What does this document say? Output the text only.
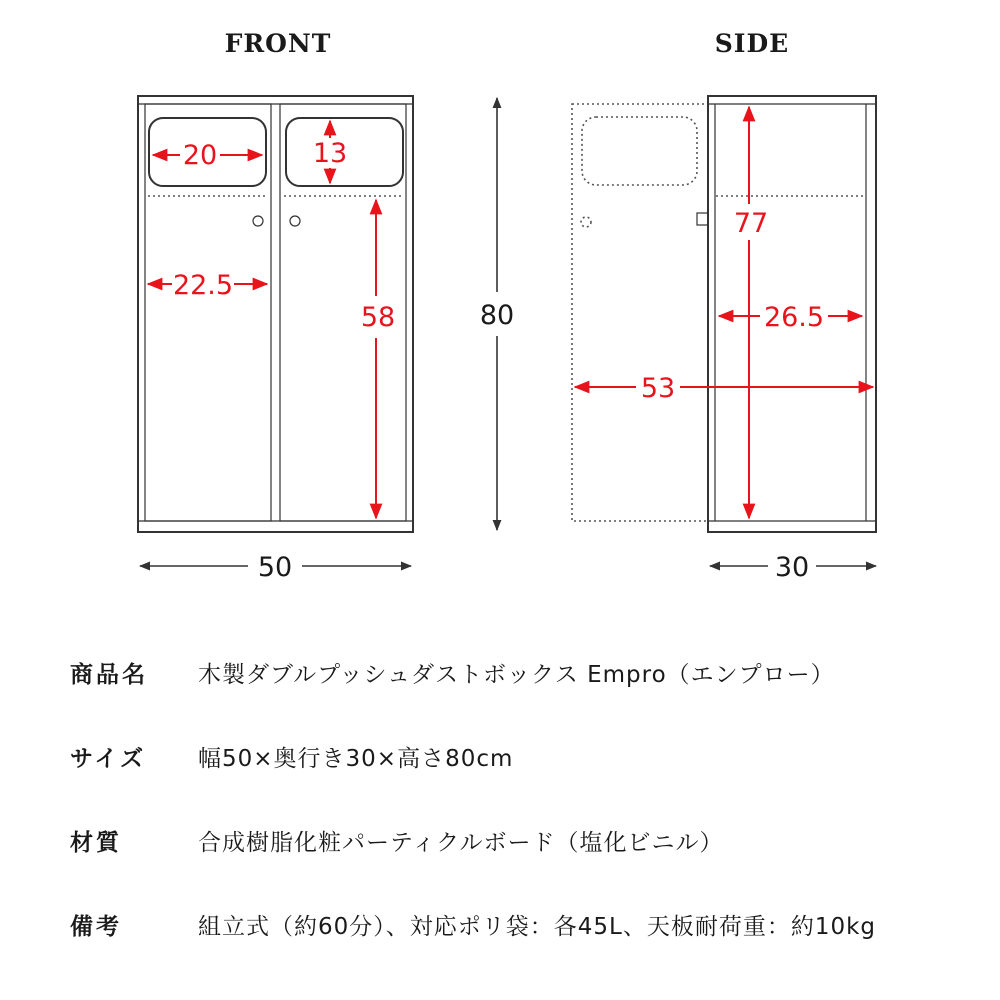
FRONT	SIDE
20	13
22.5
58
50
80
77
26.5
53
30
商品名	木製ダブルプッシュダストボックス Empro（エンプロー）
サイズ	幅50×奥行き30×高さ80cm
材質	合成樹脂化粧パーティクルボード（塩化ビニル）
備考	組立式（約60分）、対応ポリ袋：各45L、天板耐荷重：約10kg
